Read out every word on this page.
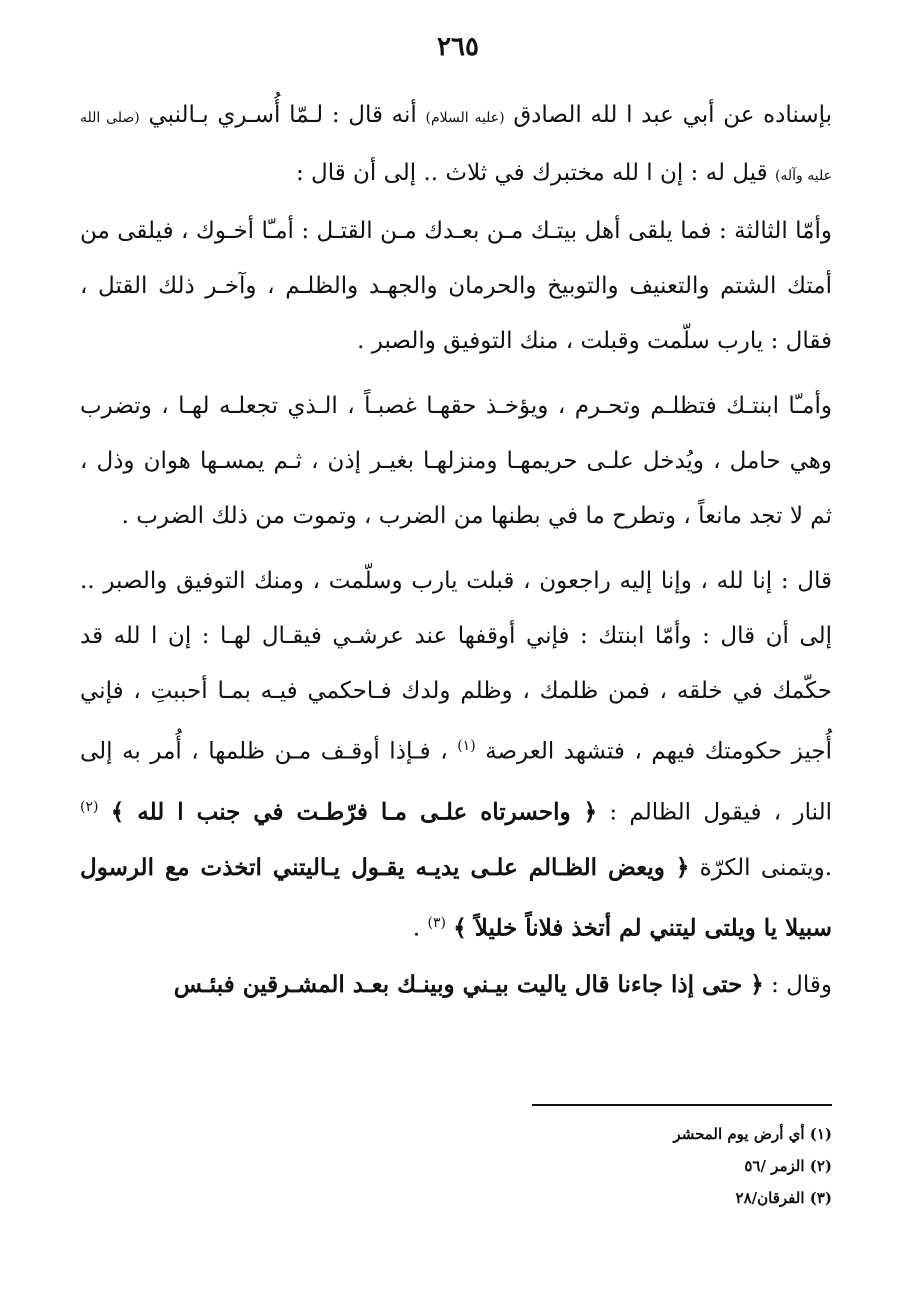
٢٦٥

بإسناده عن أبي عبد ا لله الصادق (عليه السلام) أنه قال : لـمّا أُسـري بـالنبي (صلى الله عليه وآله) قيل له : إن ا لله مختبرك في ثلاث .. إلى أن قال :

وأمّا الثالثة : فما يلقى أهل بيتـك مـن بعـدك مـن القتـل : أمـّا أخـوك ، فيلقى من أمتك الشتم والتعنيف والتوبيخ والحرمان والجهـد والظلـم ، وآخـر ذلك القتل ، فقال : يارب سلّمت وقبلت ، منك التوفيق والصبر .

وأمـّا ابنتـك فتظلـم وتحـرم ، ويؤخـذ حقهـا غصبـاً ، الـذي تجعلـه لهـا ، وتضرب وهي حامل ، ويُدخل علـى حريمهـا ومنزلهـا بغيـر إذن ، ثـم يمسـها هوان وذل ، ثم لا تجد مانعاً ، وتطرح ما في بطنها من الضرب ، وتموت من ذلك الضرب .

قال : إنا لله ، وإنا إليه راجعون ، قبلت يارب وسلّمت ، ومنك التوفيق والصبر .. إلى أن قال : وأمّا ابنتك : فإني أوقفها عند عرشـي فيقـال لهـا : إن ا لله قد حكّمك في خلقه ، فمن ظلمك ، وظلم ولدك فـاحكمي فيـه بمـا أحببتِ ، فإني أُجيز حكومتك فيهم ، فتشهد العرصة $^{(١)}$ ، فـإذا أوقـف مـن ظلمها ، أُمر به إلى النار ، فيقول الظالم : ﴿ واحسرتاه علـى مـا فرّطـت في جنب ا لله ﴾ $^{(٢)}$ .ويتمنى الكرّة ﴿ ويعض الظـالم علـى يديـه يقـول يـاليتني اتخذت مع الرسول سبيلا يا ويلتى ليتني لم أتخذ فلاناً خليلاً ﴾ $^{(٣)}$ .

وقال : ﴿ حتى إذا جاءنا قال ياليت بيـني وبينـك بعـد المشـرقين فبئـس

(١) أي أرض يوم المحشر

(٢) الزمر /٥٦

(٣) الفرقان/٢٨
